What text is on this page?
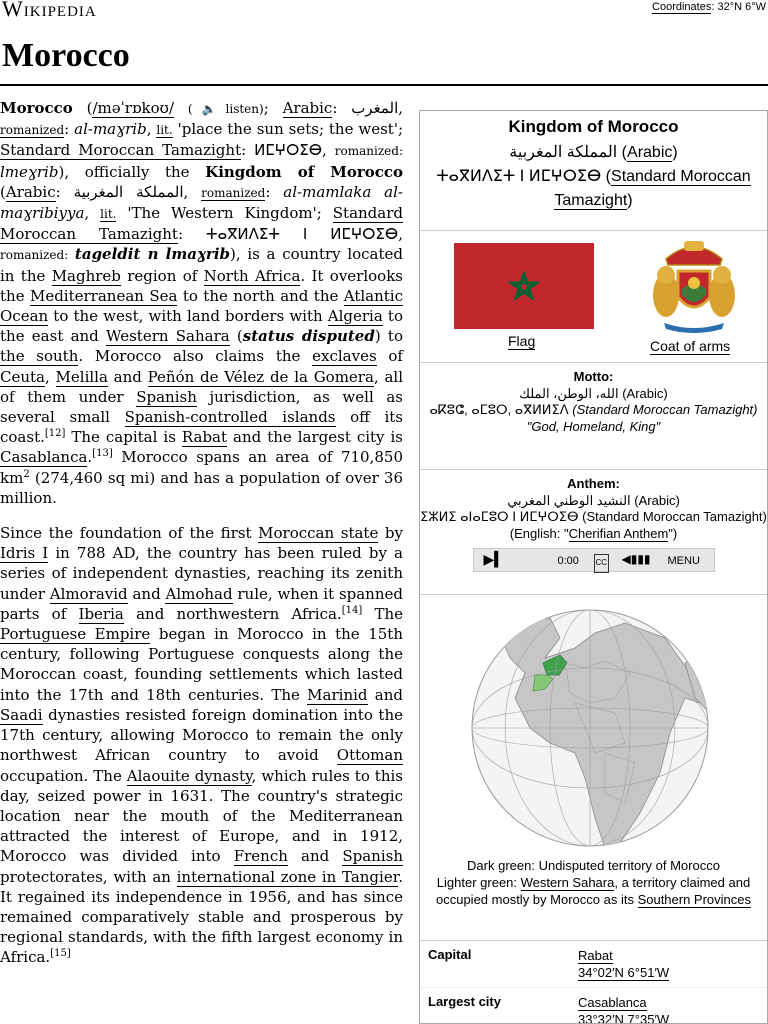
Wikipedia	Coordinates: 32°N 6°W
Morocco

Morocco (/məˈrɒkoʊ/ (🔈listen); Arabic: المغرب, romanized: al-maɣrib, lit. 'place the sun sets; the west'; Standard Moroccan Tamazight: ⵍⵎⵖⵔⵉⴱ, romanized: lmeɣrib), officially the Kingdom of Morocco (Arabic: المملكة المغربية, romanized: al-mamlaka al-maɣribiyya, lit. 'The Western Kingdom'; Standard Moroccan Tamazight: ⵜⴰⴳⵍⴷⵉⵜ ⵏ ⵍⵎⵖⵔⵉⴱ, romanized: tageldit n lmaɣrib), is a country located in the Maghreb region of North Africa. It overlooks the Mediterranean Sea to the north and the Atlantic Ocean to the west, with land borders with Algeria to the east and Western Sahara (status disputed) to the south. Morocco also claims the exclaves of Ceuta, Melilla and Peñón de Vélez de la Gomera, all of them under Spanish jurisdiction, as well as several small Spanish-controlled islands off its coast.[12] The capital is Rabat and the largest city is Casablanca.[13] Morocco spans an area of 710,850 $km^2$ (274,460 sq mi) and has a population of over 36 million.

Since the foundation of the first Moroccan state by Idris I in 788 AD, the country has been ruled by a series of independent dynasties, reaching its zenith under Almoravid and Almohad rule, when it spanned parts of Iberia and northwestern Africa.[14] The Portuguese Empire began in Morocco in the 15th century, following Portuguese conquests along the Moroccan coast, founding settlements which lasted into the 17th and 18th centuries. The Marinid and Saadi dynasties resisted foreign domination into the 17th century, allowing Morocco to remain the only northwest African country to avoid Ottoman occupation. The Alaouite dynasty, which rules to this day, seized power in 1631. The country's strategic location near the mouth of the Mediterranean attracted the interest of Europe, and in 1912, Morocco was divided into French and Spanish protectorates, with an international zone in Tangier. It regained its independence in 1956, and has since remained comparatively stable and prosperous by regional standards, with the fifth largest economy in Africa.[15]

Kingdom of Morocco
المملكة المغربية (Arabic)
ⵜⴰⴳⵍⴷⵉⵜ ⵏ ⵍⵎⵖⵔⵉⴱ (Standard Moroccan Tamazight)
Flag	Coat of arms
Motto:
الله، الوطن، الملك (Arabic)
ⴰⴽⵓⵛ, ⴰⵎⵓⵔ, ⴰⴳⵍⵍⵉⴷ (Standard Moroccan Tamazight)
"God, Homeland, King"
Anthem:
النشيد الوطني المغربي (Arabic)
ⵉⵣⵍⵉ ⴰⵏⴰⵎⵓⵔ ⵏ ⵍⵎⵖⵔⵉⴱ (Standard Moroccan Tamazight)
(English: "Cherifian Anthem")
▶▍	0:00 CC ◀▮▮▮ MENU
Dark green: Undisputed territory of Morocco
Lighter green: Western Sahara, a territory claimed and occupied mostly by Morocco as its Southern Provinces
Capital	Rabat
34°02′N 6°51′W
Largest city	Casablanca
33°32′N 7°35′W
